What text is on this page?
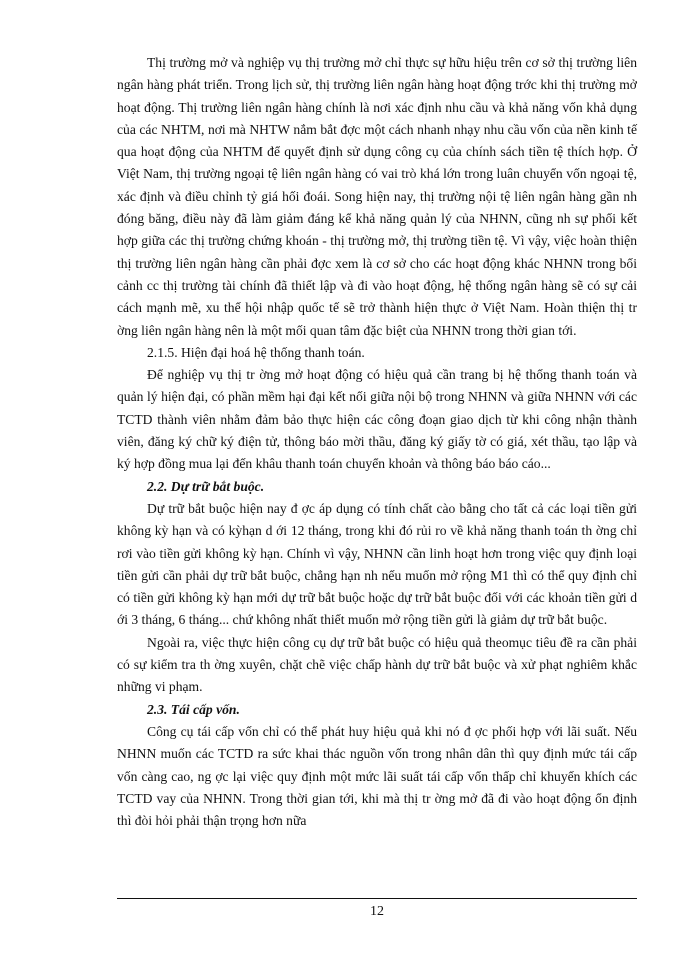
Thị trường mở và nghiệp vụ thị trường mở chỉ thực sự hữu hiệu trên cơ sở thị trường liên ngân hàng phát triển. Trong lịch sử, thị trường liên ngân hàng hoạt động trớc khi thị trường mở hoạt động. Thị trường liên ngân hàng chính là nơi xác định nhu cầu và khả năng vốn khả dụng của các NHTM, nơi mà NHTW nắm bắt đợc một cách nhanh nhạy nhu cầu vốn của nền kinh tế qua hoạt động của NHTM để quyết định sử dụng công cụ của chính sách tiền tệ thích hợp. Ở Việt Nam, thị trường ngoại tệ liên ngân hàng có vai trò khá lớn trong luân chuyển vốn ngoại tệ, xác định và điều chỉnh tỷ giá hối đoái. Song hiện nay, thị trường nội tệ liên ngân hàng gần nh đóng băng, điều này đã làm giảm đáng kể khả năng quản lý của NHNN, cũng nh sự phối kết hợp giữa các thị trường chứng khoán - thị trường mở, thị trường tiền tệ. Vì vậy, việc hoàn thiện thị trường liên ngân hàng cần phải đợc xem là cơ sở cho các hoạt động khác NHNN trong bối cảnh cc thị trường tài chính đã thiết lập và đi vào hoạt động, hệ thống ngân hàng sẽ có sự cải cách mạnh mẽ, xu thế hội nhập quốc tế sẽ trở thành hiện thực ở Việt Nam. Hoàn thiện thị tr ờng liên ngân hàng nên là một mối quan tâm đặc biệt của NHNN trong thời gian tới.

2.1.5. Hiện đại hoá hệ thống thanh toán.

Để nghiệp vụ thị tr ờng mở hoạt động có hiệu quả cần trang bị hệ thống thanh toán và quản lý hiện đại, có phần mềm hại đại kết nối giữa nội bộ trong NHNN và giữa NHNN với các TCTD thành viên nhằm đảm bảo thực hiện các công đoạn giao dịch từ khi công nhận thành viên, đăng ký chữ ký điện tử, thông báo mời thầu, đăng ký giấy tờ có giá, xét thầu, tạo lập và ký hợp đồng mua lại đến khâu thanh toán chuyển khoản và thông báo báo cáo...

2.2. Dự trữ bắt buộc.

Dự trữ bắt buộc hiện nay đ ợc áp dụng có tính chất cào bằng cho tất cả các loại tiền gửi không kỳ hạn và có kỳhạn d ới 12 tháng, trong khi đó rủi ro về khả năng thanh toán th ờng chỉ rơi vào tiền gửi không kỳ hạn. Chính vì vậy, NHNN cần linh hoạt hơn trong việc quy định loại tiền gửi cần phải dự trữ bắt buộc, chẳng hạn nh nếu muốn mở rộng M1 thì có thể quy định chỉ có tiền gửi không kỳ hạn mới dự trữ bắt buộc hoặc dự trữ bắt buộc đối với các khoản tiền gửi d ới 3 tháng, 6 tháng... chứ không nhất thiết muốn mở rộng tiền gửi là giảm dự trữ bắt buộc.

Ngoài ra, việc thực hiện công cụ dự trữ bắt buộc có hiệu quả theomục tiêu đề ra cần phải có sự kiểm tra th ờng xuyên, chặt chẽ việc chấp hành dự trữ bắt buộc và xử phạt nghiêm khắc những vi phạm.

2.3. Tái cấp vốn.

Công cụ tái cấp vốn chỉ có thể phát huy hiệu quả khi nó đ ợc phối hợp với lãi suất. Nếu NHNN muốn các TCTD ra sức khai thác nguồn vốn trong nhân dân thì quy định mức tái cấp vốn càng cao, ng ợc lại việc quy định một mức lãi suất tái cấp vốn thấp chỉ khuyến khích các TCTD vay của NHNN. Trong thời gian tới, khi mà thị tr ờng mở đã đi vào hoạt động ổn định thì đòi hỏi phải thận trọng hơn nữa

12
